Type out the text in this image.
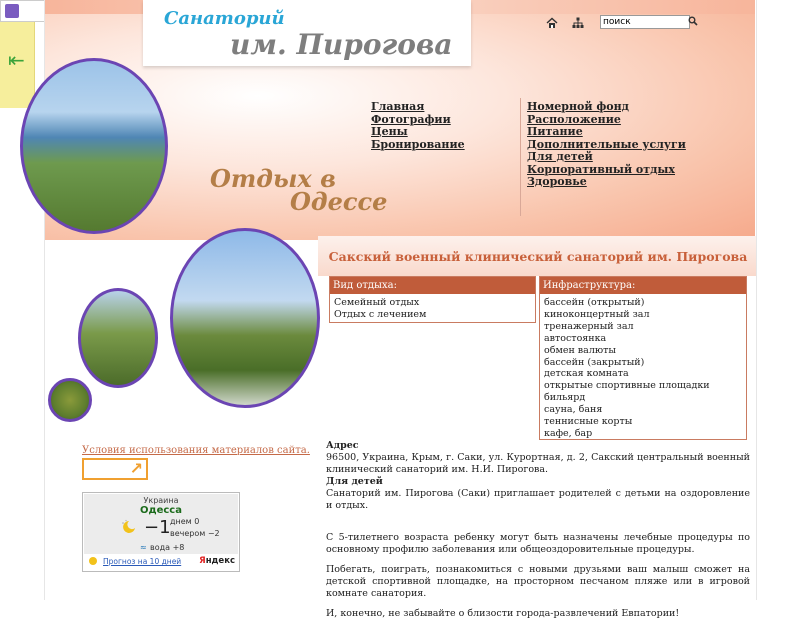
⇤
Санаторий
им. Пирогова
поиск
Главная
Фотографии
Цены
Бронирование
Номерной фонд
Расположение
Питание
Дополнительные услуги
Для детей
Корпоративный отдых
Здоровье
Отдых в
Одессе
Сакский военный клинический санаторий им. Пирогова
Вид отдыха:
Семейный отдых
Отдых с лечением
Инфраструктура:
бассейн (открытый)
киноконцертный зал
тренажерный зал
автостоянка
обмен валюты
бассейн (закрытый)
детская комната
открытые спортивные площадки
бильярд
сауна, баня
теннисные корты
кафе, бар
Условия использования материалов сайта.
↗
Украина
Одесса
−1 днем 0
вечером −2
≈ вода +8
Прогноз на 10 дней Яндекс
Адрес

96500, Украина, Крым, г. Саки, ул. Курортная, д. 2, Сакский центральный военный клинический санаторий им. Н.И. Пирогова.

Для детей

Санаторий им. Пирогова (Саки) приглашает родителей с детьми на оздоровление и отдых.

С 5-тилетнего возраста ребенку могут быть назначены лечебные процедуры по основному профилю заболевания или общеоздоровительные процедуры.

Побегать, поиграть, познакомиться с новыми друзьями ваш малыш сможет на детской спортивной площадке, на просторном песчаном пляже или в игровой комнате санатория.

И, конечно, не забывайте о близости города-развлечений Евпатории!
